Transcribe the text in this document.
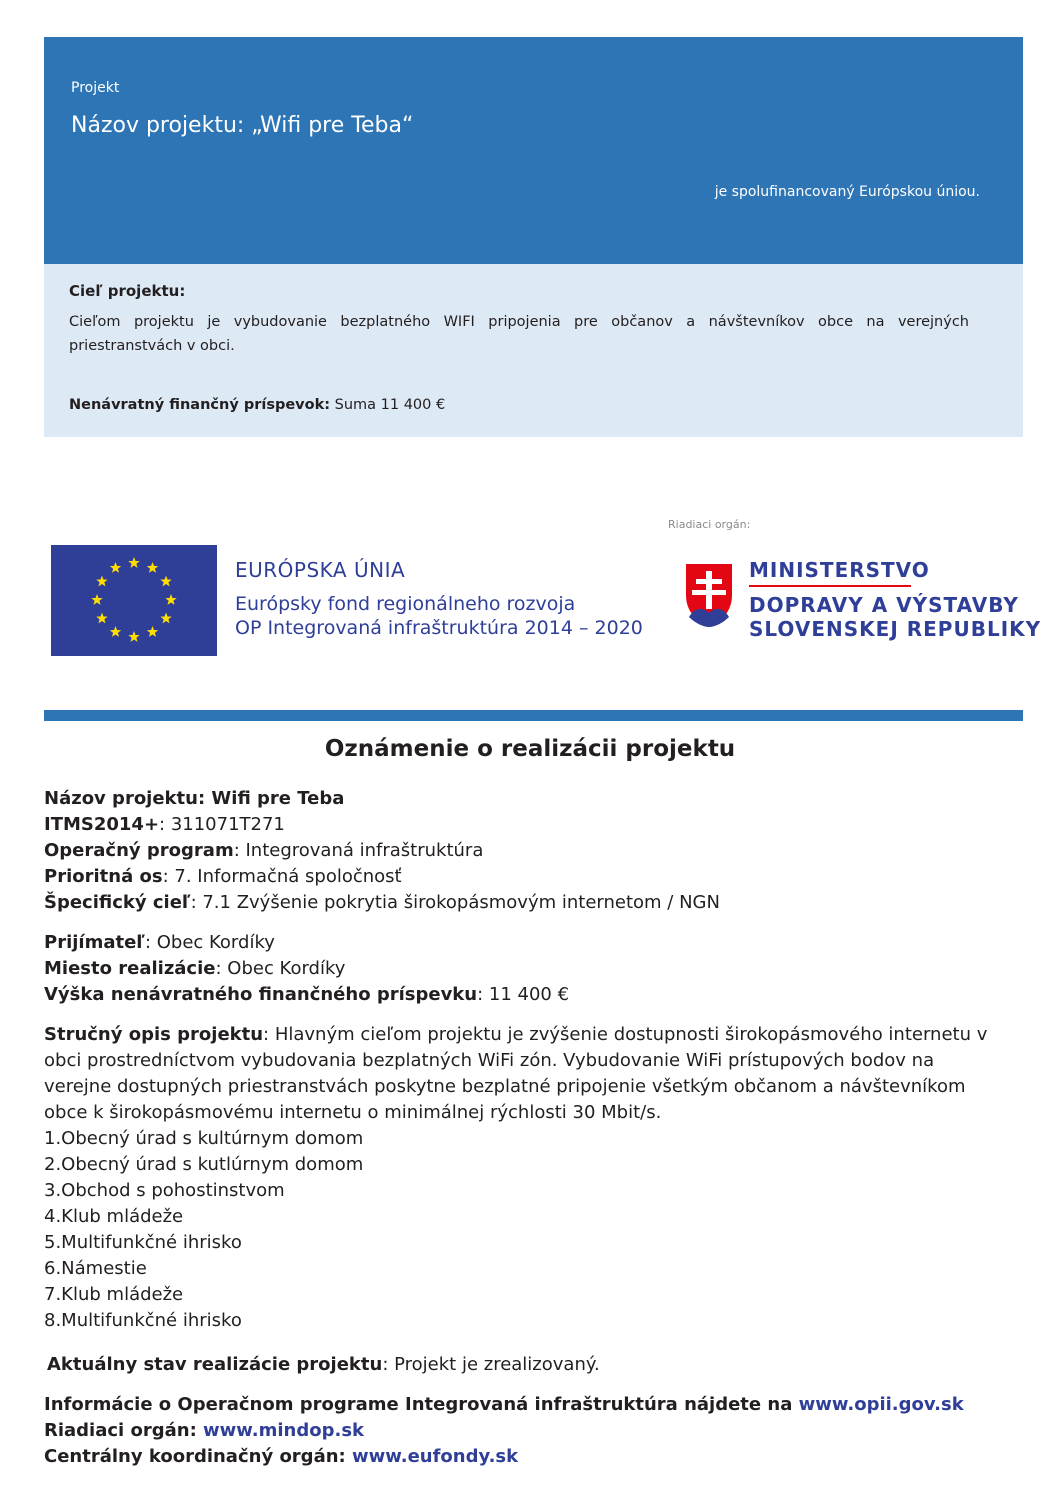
Projekt
Názov projektu: „Wifi pre Teba“
je spolufinancovaný Európskou úniou.
Cieľ projektu:
Cieľom projektu je vybudovanie bezplatného WIFI pripojenia pre občanov a návštevníkov obce na verejných priestranstvách v obci.
Nenávratný finančný príspevok: Suma 11 400 €
Riadiaci orgán:
EURÓPSKA ÚNIA
Európsky fond regionálneho rozvoja
OP Integrovaná infraštruktúra 2014 – 2020
MINISTERSTVO
DOPRAVY A VÝSTAVBY
SLOVENSKEJ REPUBLIKY
Oznámenie o realizácii projektu
Názov projektu: Wifi pre Teba
ITMS2014+: 311071T271
Operačný program: Integrovaná infraštruktúra
Prioritná os: 7. Informačná spoločnosť
Špecifický cieľ: 7.1 Zvýšenie pokrytia širokopásmovým internetom / NGN
Prijímateľ: Obec Kordíky
Miesto realizácie: Obec Kordíky
Výška nenávratného finančného príspevku: 11 400 €
Stručný opis projektu: Hlavným cieľom projektu je zvýšenie dostupnosti širokopásmového internetu v obci prostredníctvom vybudovania bezplatných WiFi zón. Vybudovanie WiFi prístupových bodov na verejne dostupných priestranstvách poskytne bezplatné pripojenie všetkým občanom a návštevníkom obce k širokopásmovému internetu o minimálnej rýchlosti 30 Mbit/s.
1.Obecný úrad s kultúrnym domom
2.Obecný úrad s kutlúrnym domom
3.Obchod s pohostinstvom
4.Klub mládeže
5.Multifunkčné ihrisko
6.Námestie
7.Klub mládeže
8.Multifunkčné ihrisko
Aktuálny stav realizácie projektu: Projekt je zrealizovaný.
Informácie o Operačnom programe Integrovaná infraštruktúra nájdete na www.opii.gov.sk
Riadiaci orgán: www.mindop.sk
Centrálny koordinačný orgán: www.eufondy.sk
